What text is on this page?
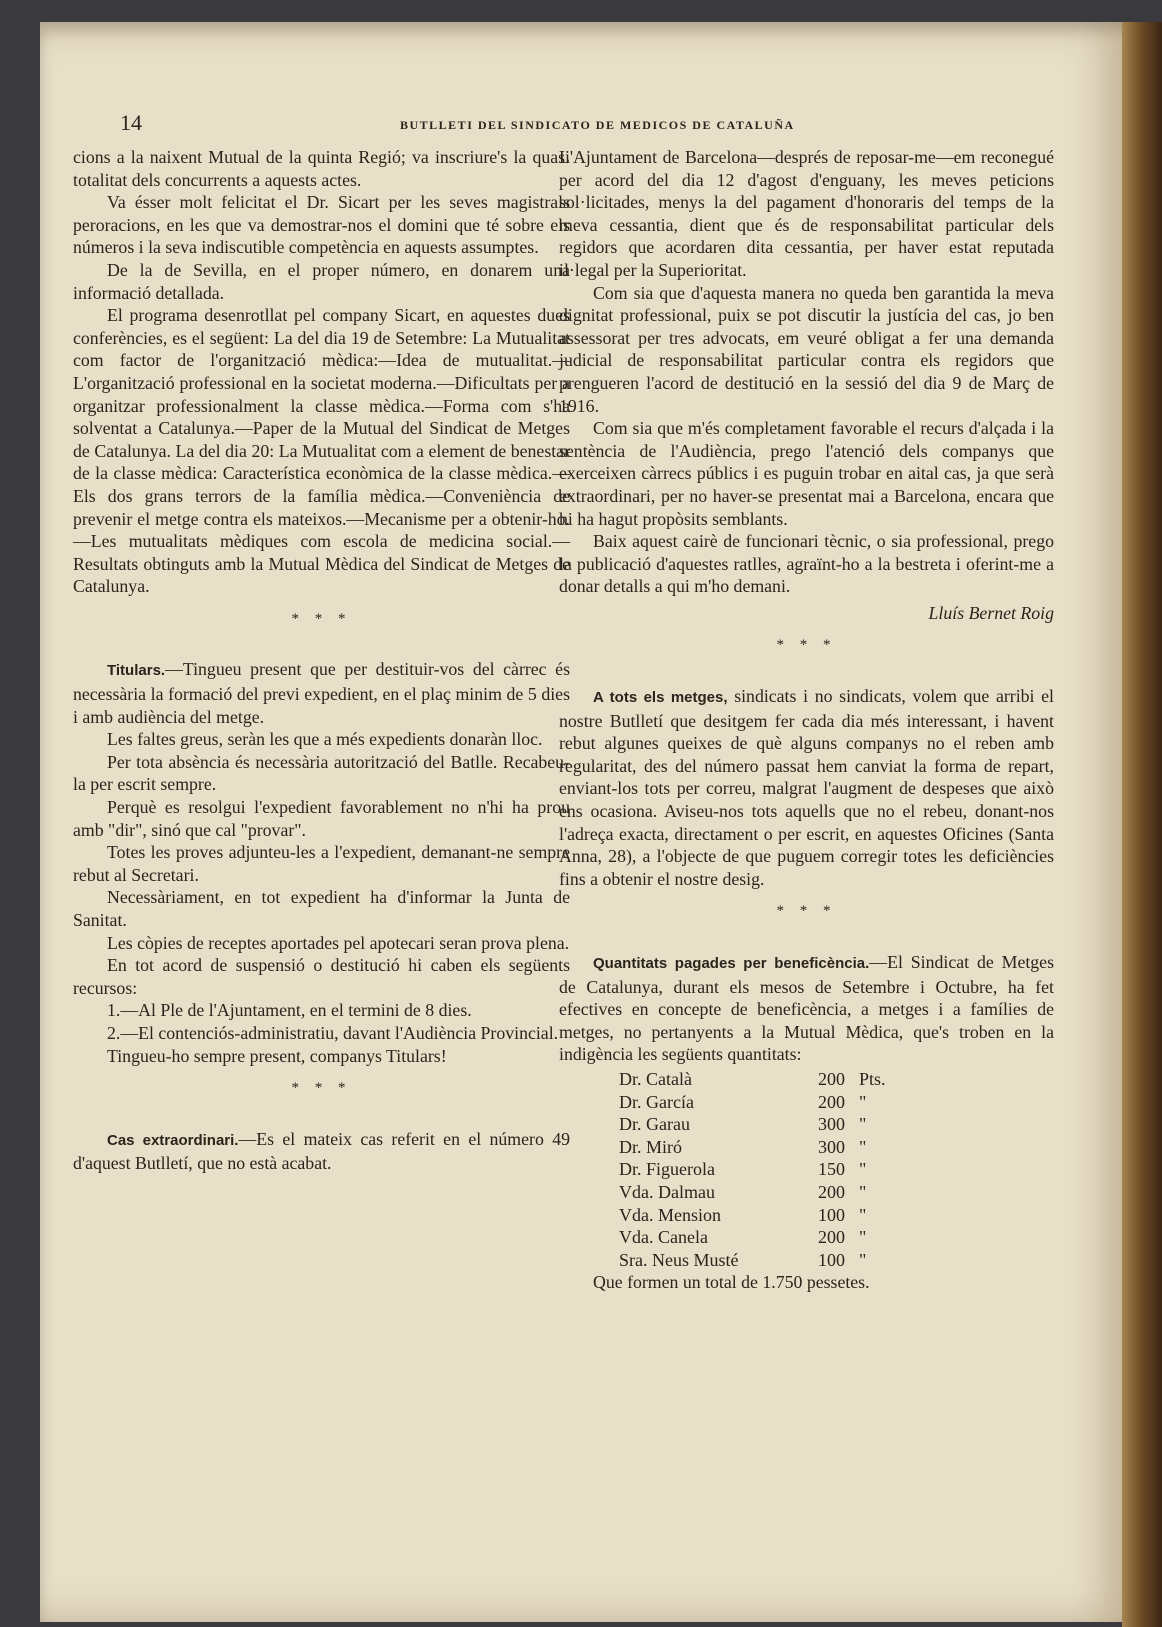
14	BUTLLETI DEL SINDICATO DE MEDICOS DE CATALUÑA

cions a la naixent Mutual de la quinta Regió; va inscriure's la quasi totalitat dels concurrents a aquests actes.

Va ésser molt felicitat el Dr. Sicart per les seves magistrals peroracions, en les que va demostrar-nos el domini que té sobre els números i la seva indiscutible competència en aquests assumptes.

De la de Sevilla, en el proper número, en donarem una informació detallada.

El programa desenrotllat pel company Sicart, en aquestes dues conferències, es el següent: La del dia 19 de Setembre: La Mutualitat com factor de l'organització mèdica:—Idea de mutualitat.—L'organització professional en la societat moderna.—Dificultats per a organitzar professionalment la classe mèdica.—Forma com s'ha solventat a Catalunya.—Paper de la Mutual del Sindicat de Metges de Catalunya. La del dia 20: La Mutualitat com a element de benestar de la classe mèdica: Característica econòmica de la classe mèdica.—Els dos grans terrors de la família mèdica.—Conveniència de prevenir el metge contra els mateixos.—Mecanisme per a obtenir-ho.—Les mutualitats mèdiques com escola de medicina social.—Resultats obtinguts amb la Mutual Mèdica del Sindicat de Metges de Catalunya.

* * *

Titulars.—Tingueu present que per destituir-vos del càrrec és necessària la formació del previ expedient, en el plaç minim de 5 dies i amb audiència del metge.

Les faltes greus, seràn les que a més expedients donaràn lloc.

Per tota absència és necessària autorització del Batlle. Recabeu-la per escrit sempre.

Perquè es resolgui l'expedient favorablement no n'hi ha prou amb "dir", sinó que cal "provar".

Totes les proves adjunteu-les a l'expedient, demanant-ne sempre rebut al Secretari.

Necessàriament, en tot expedient ha d'informar la Junta de Sanitat.

Les còpies de receptes aportades pel apotecari seran prova plena.

En tot acord de suspensió o destitució hi caben els següents recursos:

1.—Al Ple de l'Ajuntament, en el termini de 8 dies.

2.—El contenciós-administratiu, davant l'Audiència Provincial.

Tingueu-ho sempre present, companys Titulars!

* * *

Cas extraordinari.—Es el mateix cas referit en el número 49 d'aquest Butlletí, que no està acabat.

L'Ajuntament de Barcelona—després de reposar-me—em reconegué per acord del dia 12 d'agost d'enguany, les meves peticions sol·licitades, menys la del pagament d'honoraris del temps de la meva cessantia, dient que és de responsabilitat particular dels regidors que acordaren dita cessantia, per haver estat reputada il·legal per la Superioritat.

Com sia que d'aquesta manera no queda ben garantida la meva dignitat professional, puix se pot discutir la justícia del cas, jo ben assessorat per tres advocats, em veuré obligat a fer una demanda judicial de responsabilitat particular contra els regidors que prengueren l'acord de destitució en la sessió del dia 9 de Març de 1916.

Com sia que m'és completament favorable el recurs d'alçada i la sentència de l'Audiència, prego l'atenció dels companys que exerceixen càrrecs públics i es puguin trobar en aital cas, ja que serà extraordinari, per no haver-se presentat mai a Barcelona, encara que hi ha hagut propòsits semblants.

Baix aquest cairè de funcionari tècnic, o sia professional, prego la publicació d'aquestes ratlles, agraïnt-ho a la bestreta i oferint-me a donar detalls a qui m'ho demani.

Lluís Bernet Roig
* * *

A tots els metges, sindicats i no sindicats, volem que arribi el nostre Butlletí que desitgem fer cada dia més interessant, i havent rebut algunes queixes de què alguns companys no el reben amb regularitat, des del número passat hem canviat la forma de repart, enviant-los tots per correu, malgrat l'augment de despeses que això ens ocasiona. Aviseu-nos tots aquells que no el rebeu, donant-nos l'adreça exacta, directament o per escrit, en aquestes Oficines (Santa Anna, 28), a l'objecte de que puguem corregir totes les deficiències fins a obtenir el nostre desig.

* * *

Quantitats pagades per beneficència.—El Sindicat de Metges de Catalunya, durant els mesos de Setembre i Octubre, ha fet efectives en concepte de beneficència, a metges i a famílies de metges, no pertanyents a la Mutual Mèdica, que's troben en la indigència les següents quantitats:

Dr. Català	200	Pts.
Dr. García	200	"
Dr. Garau	300	"
Dr. Miró	300	"
Dr. Figuerola	150	"
Vda. Dalmau	200	"
Vda. Mension	100	"
Vda. Canela	200	"
Sra. Neus Musté	100	"

Que formen un total de 1.750 pessetes.
